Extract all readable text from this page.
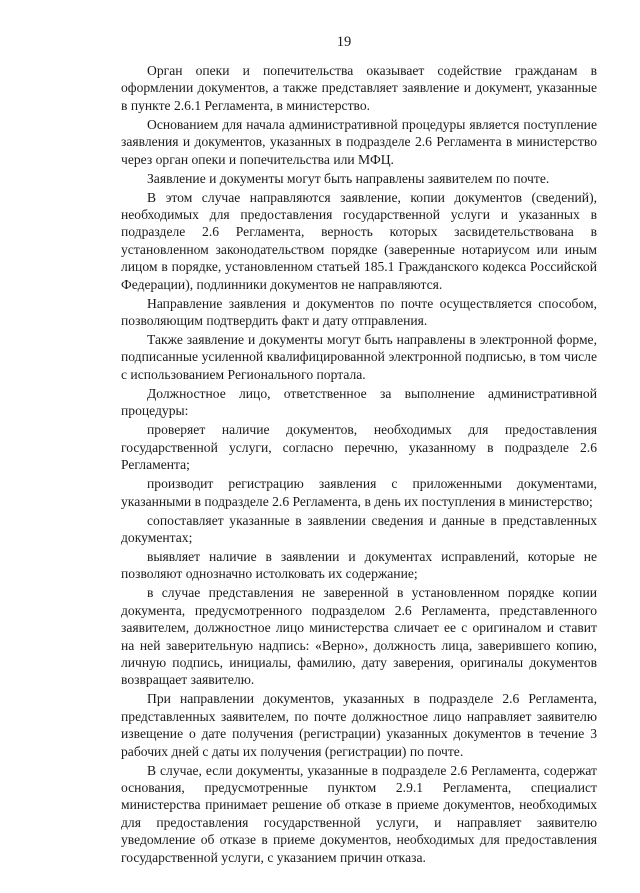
19

Орган опеки и попечительства оказывает содействие гражданам в оформлении документов, а также представляет заявление и документ, указанные в пункте 2.6.1 Регламента, в министерство.

Основанием для начала административной процедуры является поступление заявления и документов, указанных в подразделе 2.6 Регламента в министерство через орган опеки и попечительства или МФЦ.

Заявление и документы могут быть направлены заявителем по почте.

В этом случае направляются заявление, копии документов (сведений), необходимых для предоставления государственной услуги и указанных в подразделе 2.6 Регламента, верность которых засвидетельствована в установленном законодательством порядке (заверенные нотариусом или иным лицом в порядке, установленном статьей 185.1 Гражданского кодекса Российской Федерации), подлинники документов не направляются.

Направление заявления и документов по почте осуществляется способом, позволяющим подтвердить факт и дату отправления.

Также заявление и документы могут быть направлены в электронной форме, подписанные усиленной квалифицированной электронной подписью, в том числе с использованием Регионального портала.

Должностное лицо, ответственное за выполнение административной процедуры:

проверяет наличие документов, необходимых для предоставления государственной услуги, согласно перечню, указанному в подразделе 2.6 Регламента;

производит регистрацию заявления с приложенными документами, указанными в подразделе 2.6 Регламента, в день их поступления в министерство;

сопоставляет указанные в заявлении сведения и данные в представленных документах;

выявляет наличие в заявлении и документах исправлений, которые не позволяют однозначно истолковать их содержание;

в случае представления не заверенной в установленном порядке копии документа, предусмотренного подразделом 2.6 Регламента, представленного заявителем, должностное лицо министерства сличает ее с оригиналом и ставит на ней заверительную надпись: «Верно», должность лица, заверившего копию, личную подпись, инициалы, фамилию, дату заверения, оригиналы документов возвращает заявителю.

При направлении документов, указанных в подразделе 2.6 Регламента, представленных заявителем, по почте должностное лицо направляет заявителю извещение о дате получения (регистрации) указанных документов в течение 3 рабочих дней с даты их получения (регистрации) по почте.

В случае, если документы, указанные в подразделе 2.6 Регламента, содержат основания, предусмотренные пунктом 2.9.1 Регламента, специалист министерства принимает решение об отказе в приеме документов, необходимых для предоставления государственной услуги, и направляет заявителю уведомление об отказе в приеме документов, необходимых для предоставления государственной услуги, с указанием причин отказа.
